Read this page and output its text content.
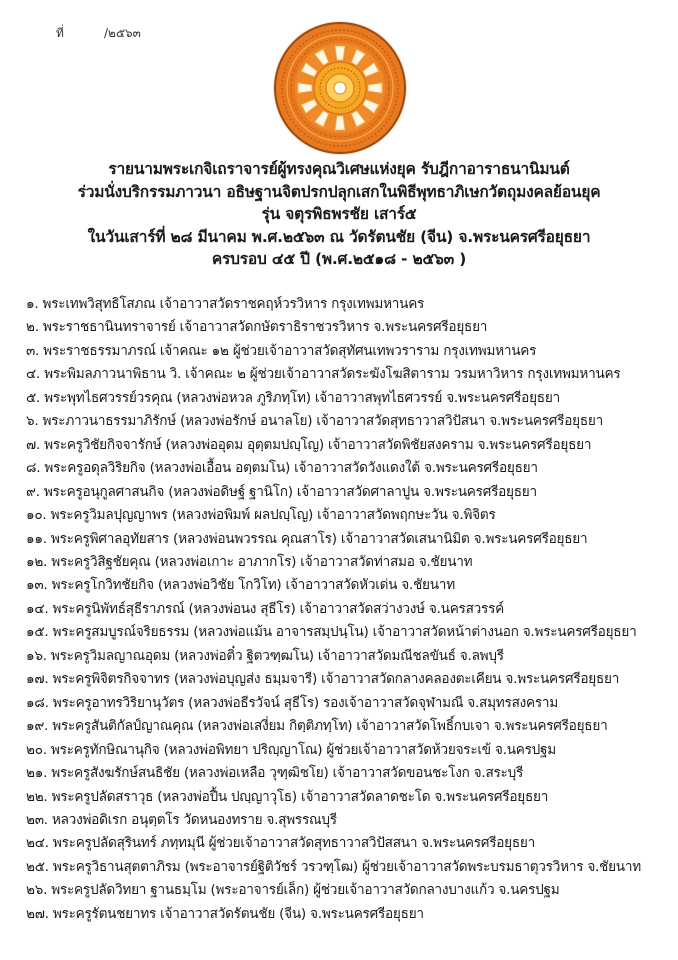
ที่	/๒๕๖๓
รายนามพระเกจิเถราจารย์ผู้ทรงคุณวิเศษแห่งยุค รับฎีกาอาราธนานิมนต์
ร่วมนั่งบริกรรมภาวนา อธิษฐานจิตปรกปลุกเสกในพิธีพุทธาภิเษกวัตถุมงคลย้อนยุค
รุ่น จตุรพิธพรชัย เสาร์๕
ในวันเสาร์ที่ ๒๘ มีนาคม พ.ศ.๒๕๖๓ ณ วัดรัตนชัย (จีน) จ.พระนครศรีอยุธยา
ครบรอบ ๔๕ ปี (พ.ศ.๒๕๑๘ - ๒๕๖๓ )
๑. พระเทพวิสุทธิโสภณ เจ้าอาวาสวัดราชคฤห์วรวิหาร กรุงเทพมหานคร
๒. พระราชธานินทราจารย์ เจ้าอาวาสวัดกษัตราธิราชวรวิหาร จ.พระนครศรีอยุธยา
๓. พระราชธรรมาภรณ์ เจ้าคณะ ๑๒ ผู้ช่วยเจ้าอาวาสวัดสุทัศนเทพวราราม กรุงเทพมหานคร
๔. พระพิมลภาวนาพิธาน วิ. เจ้าคณะ ๒ ผู้ช่วยเจ้าอาวาสวัดระฆังโฆสิตาราม วรมหาวิหาร กรุงเทพมหานคร
๕. พระพุทไธศวรรย์วรคุณ (หลวงพ่อหวล ภูริภทฺโท) เจ้าอาวาสพุทไธศวรรย์ จ.พระนครศรีอยุธยา
๖. พระภาวนาธรรมาภิรักษ์ (หลวงพ่อรักษ์ อนาลโย) เจ้าอาวาสวัดสุทธาวาสวิปัสนา จ.พระนครศรีอยุธยา
๗. พระครูวิชัยกิจจารักษ์ (หลวงพ่ออุดม อุตฺตมปญฺโญ) เจ้าอาวาสวัดพิชัยสงคราม จ.พระนครศรีอยุธยา
๘. พระครูอดุลวิริยกิจ (หลวงพ่อเอื้อน อตฺตมโน) เจ้าอาวาสวัดวังแดงใต้ จ.พระนครศรีอยุธยา
๙. พระครูอนุกูลศาสนกิจ (หลวงพ่อดิษฐ์ ฐานิโก) เจ้าอาวาสวัดศาลาปูน จ.พระนครศรีอยุธยา
๑๐. พระครูวิมลปุญญาพร (หลวงพ่อพิมพ์ ผลปญฺโญ) เจ้าอาวาสวัดพฤกษะวัน จ.พิจิตร
๑๑. พระครูพิศาลอุทัยสาร (หลวงพ่อนพวรรณ คุณสาโร) เจ้าอาวาสวัดเสนานิมิต จ.พระนครศรีอยุธยา
๑๒. พระครูวิสิฐชัยคุณ (หลวงพ่อเกาะ อาภากโร) เจ้าอาวาสวัดท่าสมอ จ.ชัยนาท
๑๓. พระครูโกวิทชัยกิจ (หลวงพ่อวิชัย โกวิโท) เจ้าอาวาสวัดหัวเด่น จ.ชัยนาท
๑๔. พระครูนิพัทธ์สุธีราภรณ์ (หลวงพ่อนง สุธีโร) เจ้าอาวาสวัดสว่างวงษ์ จ.นครสวรรค์
๑๕. พระครูสมบูรณ์จริยธรรม (หลวงพ่อแม้น อาจารสมฺปนฺโน) เจ้าอาวาสวัดหน้าต่างนอก จ.พระนครศรีอยุธยา
๑๖. พระครูวิมลญาณอุดม (หลวงพ่อติ๋ว ฐิตวฑฺฒโน) เจ้าอาวาสวัดมณีชลขันธ์ จ.ลพบุรี
๑๗. พระครูพิจิตรกิจจาทร (หลวงพ่อบุญส่ง ธมฺมจารี) เจ้าอาวาสวัดกลางคลองตะเคียน จ.พระนครศรีอยุธยา
๑๘. พระครูอาทรวิริยานุวัตร (หลวงพ่อธีรวัจน์ สุธีโร) รองเจ้าอาวาสวัดจุฬามณี จ.สมุทรสงคราม
๑๙. พระครูสันติกัลป์ญาณคุณ (หลวงพ่อเสงี่ยม กิตฺติภทฺโท) เจ้าอาวาสวัดโพธิ์กบเจา จ.พระนครศรีอยุธยา
๒๐. พระครูทักษิณานุกิจ (หลวงพ่อพิทยา ปริญฺญาโณ) ผู้ช่วยเจ้าอาวาสวัดห้วยจระเข้ จ.นครปฐม
๒๑. พระครูสังฆรักษ์สนธิชัย (หลวงพ่อเหลือ วุฑฺฒิชโย) เจ้าอาวาสวัดขอนชะโงก จ.สระบุรี
๒๒. พระครูปลัดสราวุธ (หลวงพ่อปื้น ปญฺญาวุโธ) เจ้าอาวาสวัดลาดชะโด จ.พระนครศรีอยุธยา
๒๓. หลวงพ่อดิเรก อนุตฺตโร วัดหนองทราย จ.สุพรรณบุรี
๒๔. พระครูปลัดสุรินทร์ ภทฺทมุนี ผู้ช่วยเจ้าอาวาสวัดสุทธาวาสวิปัสสนา จ.พระนครศรีอยุธยา
๒๕. พระครูวิธานสุตตาภิรม (พระอาจารย์ฐิติวัชร์ วรวฑฺโฒ) ผู้ช่วยเจ้าอาวาสวัดพระบรมธาตุวรวิหาร จ.ชัยนาท
๒๖. พระครูปลัดวิทยา ฐานธมฺโม (พระอาจารย์เล็ก) ผู้ช่วยเจ้าอาวาสวัดกลางบางแก้ว จ.นครปฐม
๒๗. พระครูรัตนชยาทร เจ้าอาวาสวัดรัตนชัย (จีน) จ.พระนครศรีอยุธยา
